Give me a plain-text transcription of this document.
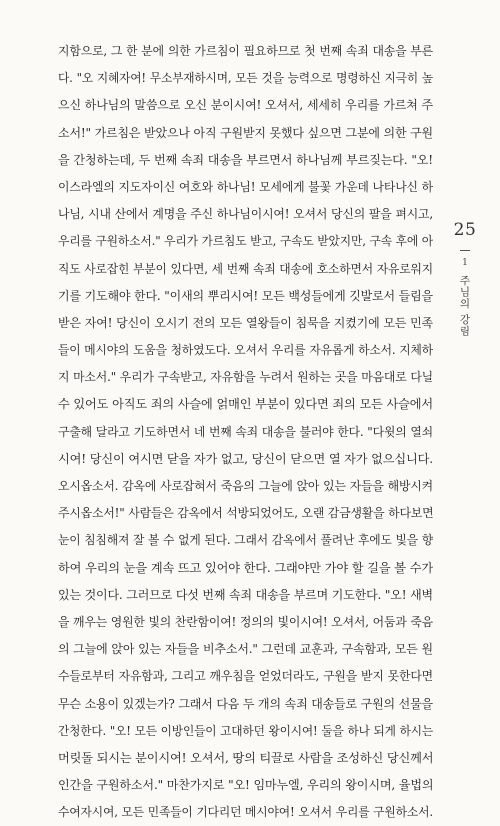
지함으로, 그 한 분에 의한 가르침이 필요하므로 첫 번째 속죄 대송을 부른
다. "오 지혜자여! 무소부재하시며, 모든 것을 능력으로 명령하신 지극히 높
으신 하나님의 말씀으로 오신 분이시여! 오셔서, 세세히 우리를 가르쳐 주
소서!" 가르침은 받았으나 아직 구원받지 못했다 싶으면 그분에 의한 구원
을 간청하는데, 두 번째 속죄 대송을 부르면서 하나님께 부르짖는다. "오!
이스라엘의 지도자이신 여호와 하나님! 모세에게 불꽃 가운데 나타나신 하
나님, 시내 산에서 계명을 주신 하나님이시여! 오셔서 당신의 팔을 펴시고,
우리를 구원하소서." 우리가 가르침도 받고, 구속도 받았지만, 구속 후에 아
직도 사로잡힌 부분이 있다면, 세 번째 속죄 대송에 호소하면서 자유로워지
기를 기도해야 한다. "이새의 뿌리시여! 모든 백성들에게 깃발로서 들림을
받은 자여! 당신이 오시기 전의 모든 열왕들이 침묵을 지켰기에 모든 민족
들이 메시야의 도움을 청하였도다. 오셔서 우리를 자유롭게 하소서. 지체하
지 마소서." 우리가 구속받고, 자유함을 누려서 원하는 곳을 마음대로 다닐
수 있어도 아직도 죄의 사슬에 얽매인 부분이 있다면 죄의 모든 사슬에서
구출해 달라고 기도하면서 네 번째 속죄 대송을 불러야 한다. "다윗의 열쇠
시여! 당신이 여시면 닫을 자가 없고, 당신이 닫으면 열 자가 없으십니다.
오시옵소서. 감옥에 사로잡혀서 죽음의 그늘에 앉아 있는 자들을 해방시켜
주시옵소서!" 사람들은 감옥에서 석방되었어도, 오랜 감금생활을 하다보면
눈이 침침해져 잘 볼 수 없게 된다. 그래서 감옥에서 풀려난 후에도 빛을 향
하여 우리의 눈을 계속 뜨고 있어야 한다. 그래야만 가야 할 길을 볼 수가
있는 것이다. 그러므로 다섯 번째 속죄 대송을 부르며 기도한다. "오! 새벽
을 깨우는 영원한 빛의 찬란함이여! 정의의 빛이시여! 오셔서, 어둠과 죽음
의 그늘에 앉아 있는 자들을 비추소서." 그런데 교훈과, 구속함과, 모든 원
수들로부터 자유함과, 그리고 깨우침을 얻었더라도, 구원을 받지 못한다면
무슨 소용이 있겠는가? 그래서 다음 두 개의 속죄 대송들로 구원의 선물을
간청한다. "오! 모든 이방인들이 고대하던 왕이시여! 둘을 하나 되게 하시는
머릿돌 되시는 분이시여! 오셔서, 땅의 티끌로 사람을 조성하신 당신께서
인간을 구원하소서." 마찬가지로 "오! 임마누엘, 우리의 왕이시며, 율법의
수여자시여, 모든 민족들이 기다리던 메시야여! 오셔서 우리를 구원하소서.
25
1
주님의 강림
